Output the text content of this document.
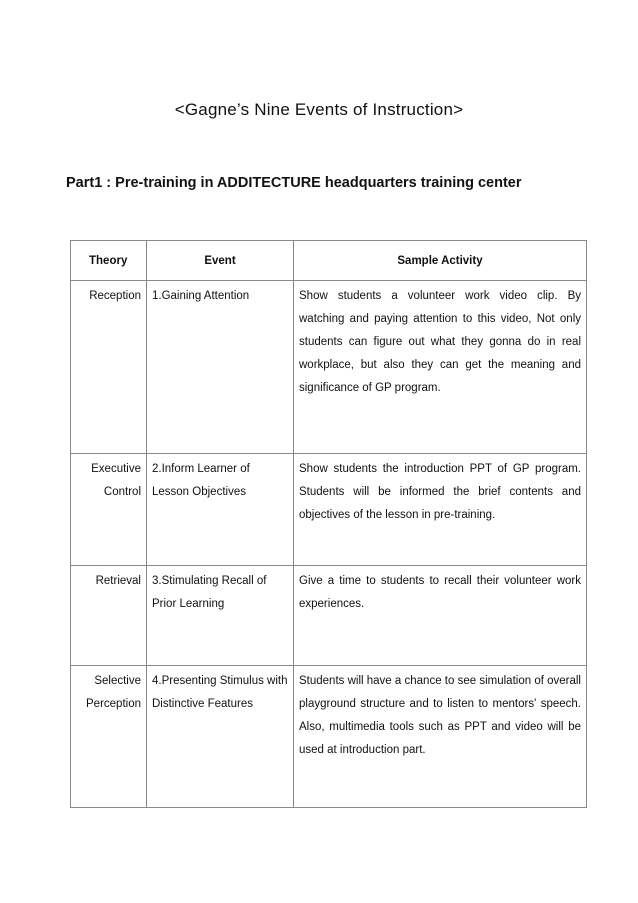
<Gagne’s Nine Events of Instruction>
Part1 : Pre-training in ADDITECTURE headquarters training center
Theory	Event	Sample Activity
Reception	1.Gaining Attention	Show students a volunteer work video clip. By watching and paying attention to this video, Not only students can figure out what they gonna do in real workplace, but also they can get the meaning and significance of GP program.
Executive Control	2.Inform Learner of Lesson Objectives	Show students the introduction PPT of GP program. Students will be informed the brief contents and objectives of the lesson in pre-training.
Retrieval	3.Stimulating Recall of Prior Learning	Give a time to students to recall their volunteer work experiences.
Selective Perception	4.Presenting Stimulus with Distinctive Features	Students will have a chance to see simulation of overall playground structure and to listen to mentors' speech. Also, multimedia tools such as PPT and video will be used at introduction part.
